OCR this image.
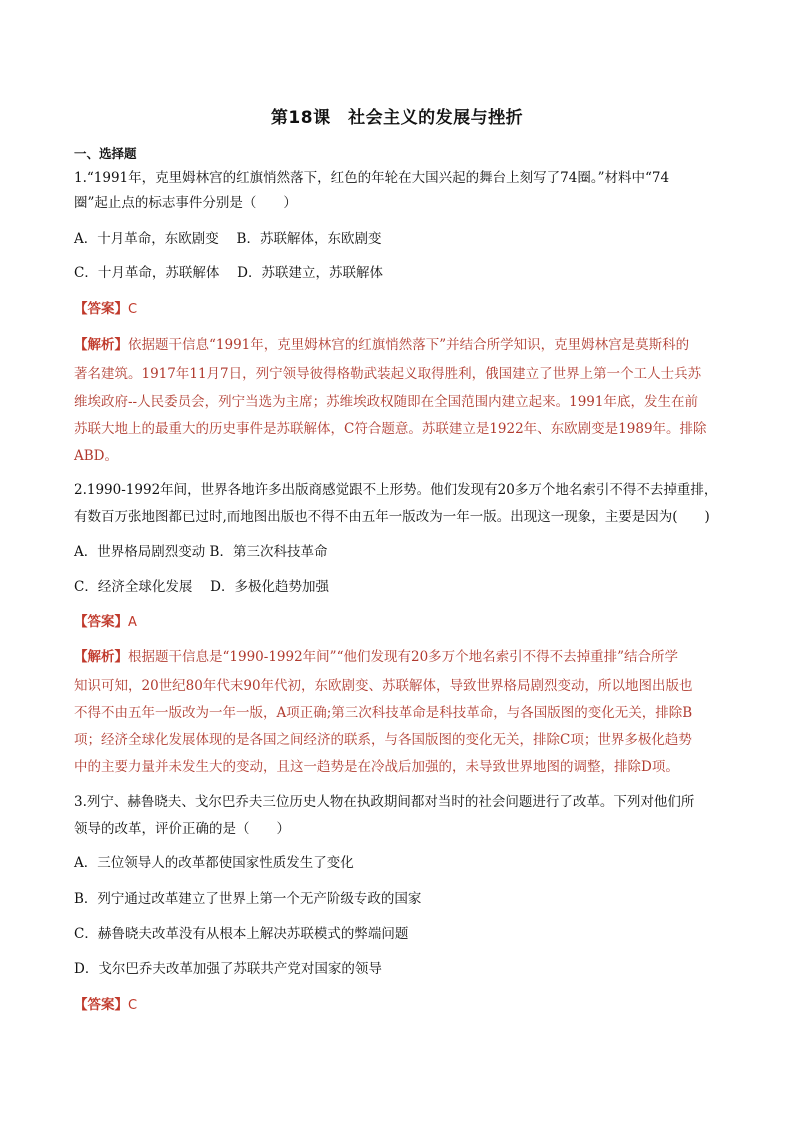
第18课　社会主义的发展与挫折
一、选择题
1.“1991年，克里姆林宫的红旗悄然落下，红色的年轮在大国兴起的舞台上刻写了74圈。”材料中“74
圈”起止点的标志事件分别是（　　）
A．十月革命，东欧剧变　 B．苏联解体，东欧剧变
C．十月革命，苏联解体　 D．苏联建立，苏联解体
【答案】C
【解析】依据题干信息“1991年，克里姆林宫的红旗悄然落下”并结合所学知识，克里姆林宫是莫斯科的
著名建筑。1917年11月7日，列宁领导彼得格勒武装起义取得胜利，俄国建立了世界上第一个工人士兵苏
维埃政府--人民委员会，列宁当选为主席；苏维埃政权随即在全国范围内建立起来。1991年底，发生在前
苏联大地上的最重大的历史事件是苏联解体，C符合题意。苏联建立是1922年、东欧剧变是1989年。排除
ABD。
2.1990-1992年间，世界各地许多出版商感觉跟不上形势。他们发现有20多万个地名索引不得不去掉重排，
有数百万张地图都已过时,而地图出版也不得不由五年一版改为一年一版。出现这一现象，主要是因为(　　)
A．世界格局剧烈变动 B．第三次科技革命
C．经济全球化发展　 D．多极化趋势加强
【答案】A
【解析】根据题干信息是“1990-1992年间”“他们发现有20多万个地名索引不得不去掉重排”结合所学
知识可知，20世纪80年代末90年代初，东欧剧变、苏联解体，导致世界格局剧烈变动，所以地图出版也
不得不由五年一版改为一年一版，A项正确;第三次科技革命是科技革命，与各国版图的变化无关，排除B
项；经济全球化发展体现的是各国之间经济的联系，与各国版图的变化无关，排除C项；世界多极化趋势
中的主要力量并未发生大的变动，且这一趋势是在冷战后加强的，未导致世界地图的调整，排除D项。
3.列宁、赫鲁晓夫、戈尔巴乔夫三位历史人物在执政期间都对当时的社会问题进行了改革。下列对他们所
领导的改革，评价正确的是（　　）
A．三位领导人的改革都使国家性质发生了变化
B．列宁通过改革建立了世界上第一个无产阶级专政的国家
C．赫鲁晓夫改革没有从根本上解决苏联模式的弊端问题
D．戈尔巴乔夫改革加强了苏联共产党对国家的领导
【答案】C
